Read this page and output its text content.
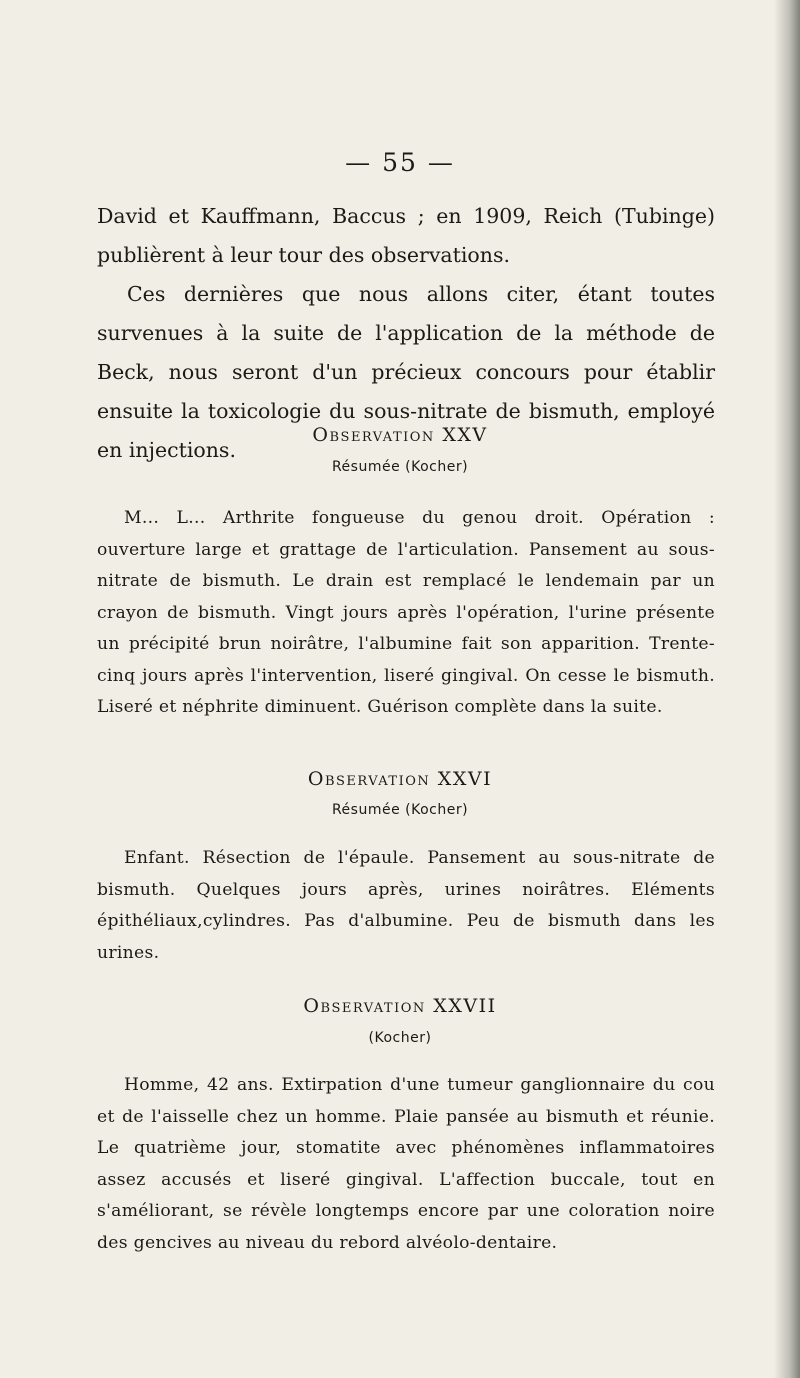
— 55 —

David et Kauffmann, Baccus ; en 1909, Reich (Tubinge) publièrent à leur tour des observations.

Ces dernières que nous allons citer, étant toutes survenues à la suite de l'application de la méthode de Beck, nous seront d'un précieux concours pour établir ensuite la toxicologie du sous-nitrate de bismuth, employé en injections.

Observation XXV
Résumée (Kocher)

M... L... Arthrite fongueuse du genou droit. Opération : ouverture large et grattage de l'articulation. Pansement au sous-nitrate de bismuth. Le drain est remplacé le lendemain par un crayon de bismuth. Vingt jours après l'opération, l'urine présente un précipité brun noirâtre, l'albumine fait son apparition. Trente-cinq jours après l'intervention, liseré gingival. On cesse le bismuth. Liseré et néphrite diminuent. Guérison complète dans la suite.

Observation XXVI
Résumée (Kocher)

Enfant. Résection de l'épaule. Pansement au sous-nitrate de bismuth. Quelques jours après, urines noirâtres. Eléments épithéliaux,cylindres. Pas d'albumine. Peu de bismuth dans les urines.

Observation XXVII
(Kocher)

Homme, 42 ans. Extirpation d'une tumeur ganglionnaire du cou et de l'aisselle chez un homme. Plaie pansée au bismuth et réunie. Le quatrième jour, stomatite avec phénomènes inflammatoires assez accusés et liseré gingival. L'affection buccale, tout en s'améliorant, se révèle longtemps encore par une coloration noire des gencives au niveau du rebord alvéolo-dentaire.
